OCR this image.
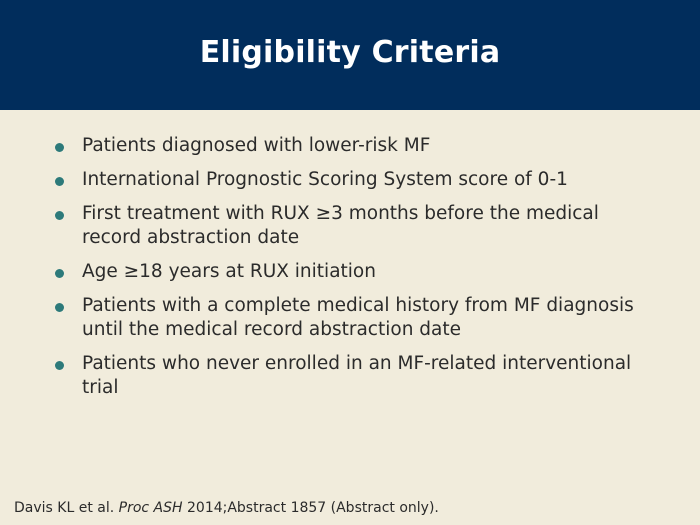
Eligibility Criteria
Patients diagnosed with lower-risk MF
International Prognostic Scoring System score of 0-1
First treatment with RUX ≥3 months before the medical record abstraction date
Age ≥18 years at RUX initiation
Patients with a complete medical history from MF diagnosis until the medical record abstraction date
Patients who never enrolled in an MF-related interventional trial
Davis KL et al. Proc ASH 2014;Abstract 1857 (Abstract only).
